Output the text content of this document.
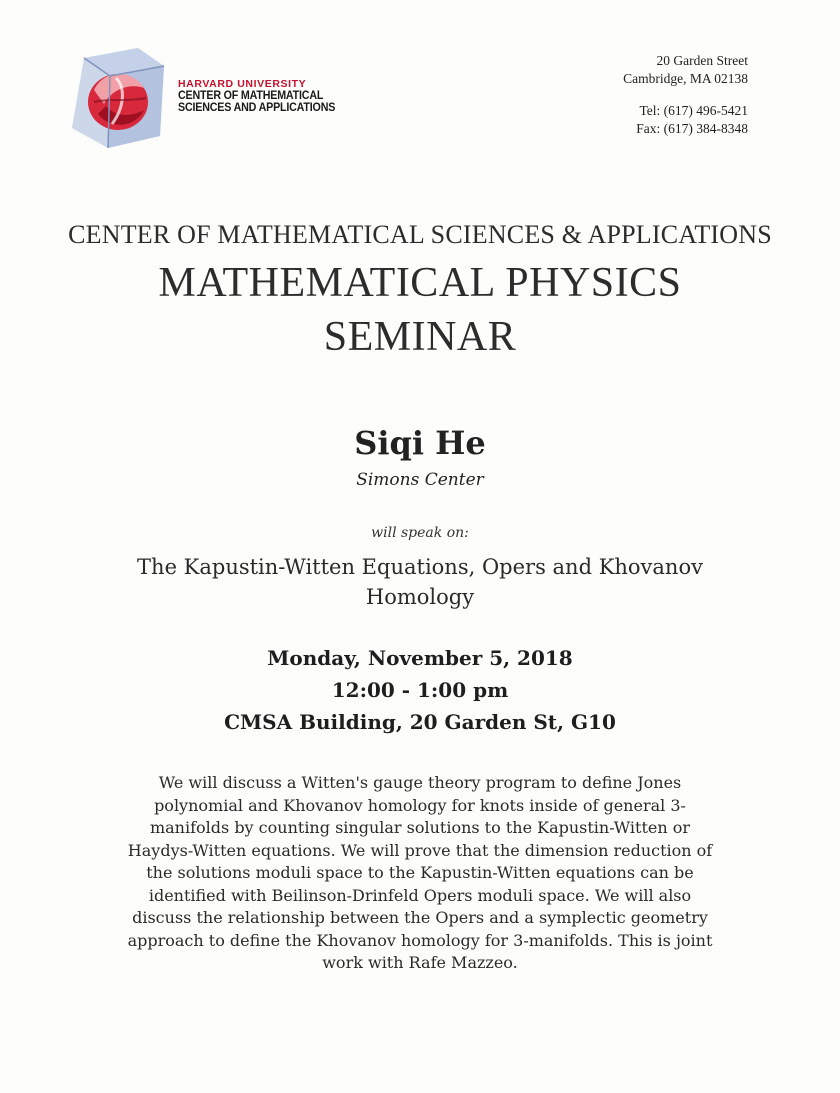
HARVARD UNIVERSITY
CENTER OF MATHEMATICAL
SCIENCES AND APPLICATIONS
20 Garden Street
Cambridge, MA 02138
Tel: (617) 496-5421
Fax: (617) 384-8348
CENTER OF MATHEMATICAL SCIENCES & APPLICATIONS
MATHEMATICAL PHYSICS
SEMINAR
Siqi He
Simons Center
will speak on:
The Kapustin-Witten Equations, Opers and Khovanov Homology
Monday, November 5, 2018
12:00 - 1:00 pm
CMSA Building, 20 Garden St, G10
We will discuss a Witten's gauge theory program to define Jones polynomial and Khovanov homology for knots inside of general 3-manifolds by counting singular solutions to the Kapustin-Witten or Haydys-Witten equations. We will prove that the dimension reduction of the solutions moduli space to the Kapustin-Witten equations can be identified with Beilinson-Drinfeld Opers moduli space. We will also discuss the relationship between the Opers and a symplectic geometry approach to define the Khovanov homology for 3-manifolds. This is joint work with Rafe Mazzeo.
